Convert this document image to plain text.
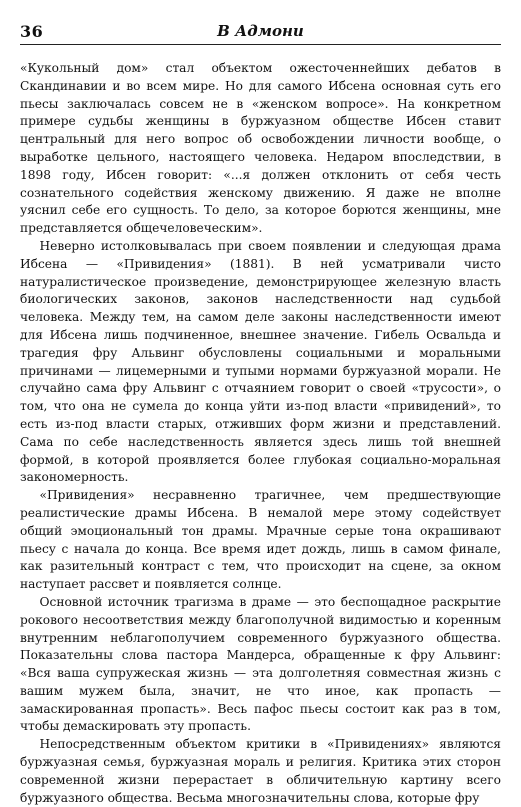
36	В Адмони

«Кукольный дом» стал объектом ожесточеннейших дебатов в Скандинавии и во всем мире. Но для самого Ибсена основная суть его пьесы заключалась совсем не в «женском вопросе». На конкретном примере судьбы женщины в буржуазном обществе Ибсен ставит центральный для него вопрос об освобождении личности вообще, о выработке цельного, настоящего человека. Недаром впоследствии, в 1898 году, Ибсен говорит: «...я должен отклонить от себя честь сознательного содействия женскому движению. Я даже не вполне уяснил себе его сущность. То дело, за которое борются женщины, мне представляется общечеловеческим».

Неверно истолковывалась при своем появлении и следующая драма Ибсена — «Привидения» (1881). В ней усматривали чисто натуралистическое произведение, демонстрирующее железную власть биологических законов, законов наследственности над судьбой человека. Между тем, на самом деле законы наследственности имеют для Ибсена лишь подчиненное, внешнее значение. Гибель Освальда и трагедия фру Альвинг обусловлены социальными и моральными причинами — лицемерными и тупыми нормами буржуазной морали. Не случайно сама фру Альвинг с отчаянием говорит о своей «трусости», о том, что она не сумела до конца уйти из-под власти «привидений», то есть из-под власти старых, отживших форм жизни и представлений. Сама по себе наследственность является здесь лишь той внешней формой, в которой проявляется более глубокая социально-моральная закономерность.

«Привидения» несравненно трагичнее, чем предшествующие реалистические драмы Ибсена. В немалой мере этому содействует общий эмоциональный тон драмы. Мрачные серые тона окрашивают пьесу с начала до конца. Все время идет дождь, лишь в самом финале, как разительный контраст с тем, что происходит на сцене, за окном наступает рассвет и появляется солнце.

Основной источник трагизма в драме — это беспощадное раскрытие рокового несоответствия между благополучной видимостью и коренным внутренним неблагополучием современного буржуазного общества. Показательны слова пастора Мандерса, обращенные к фру Альвинг: «Вся ваша супружеская жизнь — эта долголетняя совместная жизнь с вашим мужем была, значит, не что иное, как пропасть — замаскированная пропасть». Весь пафос пьесы состоит как раз в том, чтобы демаскировать эту пропасть.

Непосредственным объектом критики в «Привидениях» являются буржуазная семья, буржуазная мораль и религия. Критика этих сторон современной жизни перерастает в обличительную картину всего буржуазного общества. Весьма многозначительны слова, которые фру
